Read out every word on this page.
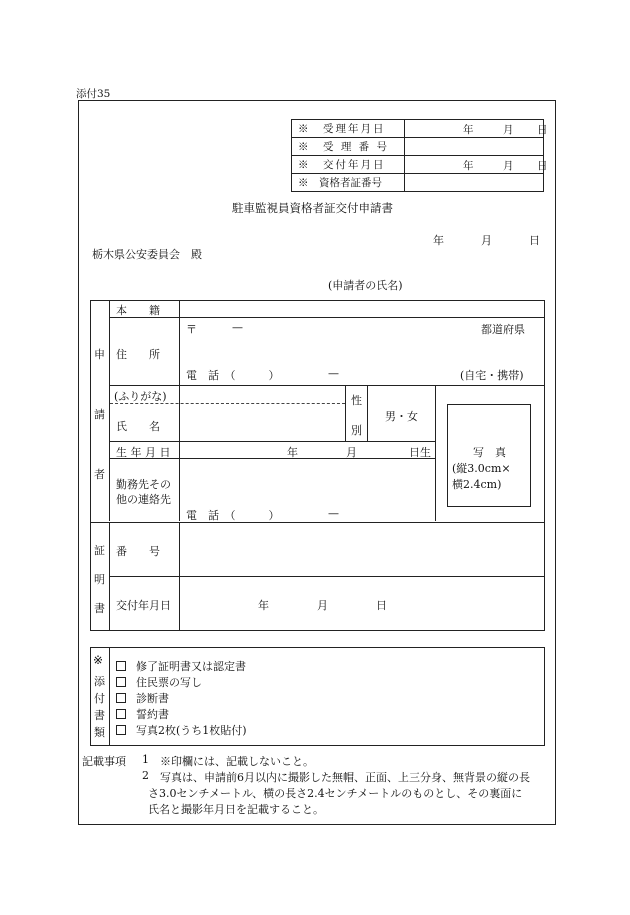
添付35
※　 受理年月日	年 月 日

※　 受 理 番 号	
※　 交付年月日	年 月 日

※　 資格者証番号	
駐車監視員資格者証交付申請書
年	月	日
栃木県公安委員会　殿
(申請者の氏名)
申
請
者
本　　籍
住　　所
〒	—	都道府県
電　話　（　　　）	—	(自宅・携帯)
(ふりがな)
氏　　名
性
別
男・女
生 年 月 日	年	月	日生
勤務先その
他の連絡先
電　話　（　　　）	—
写　真
(縦3.0cm×
横2.4cm)
証
明
書
番　　号
交付年月日	年	月	日
※
添
付
書
類
修了証明書又は認定書
住民票の写し
診断書
誓約書
写真2枚(うち1枚貼付)
記載事項 1 ※印欄には、記載しないこと。
2 写真は、申請前6月以内に撮影した無帽、正面、上三分身、無背景の縦の長
さ3.0センチメートル、横の長さ2.4センチメートルのものとし、その裏面に
氏名と撮影年月日を記載すること。
